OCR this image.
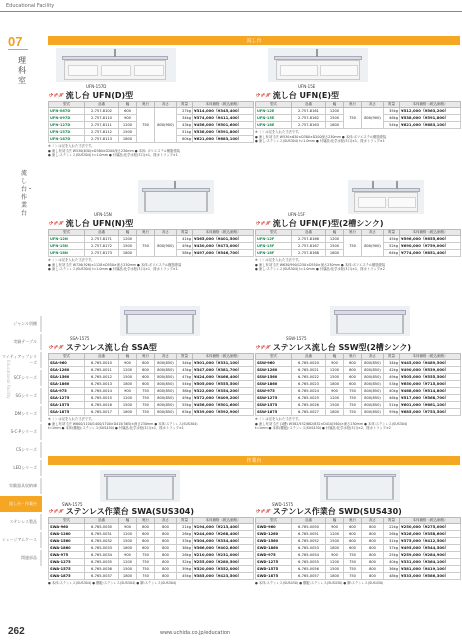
Educational Facility
07
理科室
流し台・作業台
ジャンル別棚
実験テーブル
マイティアップシリーズ
SCFシリーズ
SGシリーズ
DMシリーズ
S-C-Pシリーズ
CSシリーズ
LEDシリーズ
実験器具収納庫
流し台・作業台
ステンレス製品
ミュージアムケース
関連部品
Educational Facility
流し台
作業台
UFN-157D	UFN-15E
UFN-15N	UFN-15F
SSA-1575	SSW-1575
SWA-1575	SWD-1575
ウチダ 流し台 UFN(D)型
型式	品番	幅	奥行	高さ	質量	本体価格（税込価格）
UFN-067D	2-757-8102	600	750	800(900)	27kg	¥314,000（¥345,400）
UFN-097D	2-757-8110	900			34kg	¥374,000（¥411,400）
UFN-127D	2-757-8111	1200			43kg	¥456,000（¥501,600）
UFN-157D	2-757-8112	1500			51kg	¥538,000（¥591,800）
UFN-187D	2-757-8113	1800			60kg	¥621,000（¥683,100）
※（ ）は足を入れた寸法です。
● 流し有効寸法 W530(630)×D380×D200深さ230mm ● 本体: ポリエステル樹脂塗装
● 流し:ステンレス(SUS304) t=1.0mm ● 付属品:化学水栓(3口)×1、排水トラップ×1
ウチダ 流し台 UFN(E)型
型式	品番	幅	奥行	高さ	質量	本体価格（税込価格）
UFN-12E	2-757-8161	1200	750	800(900)	35kg	¥512,000（¥563,200）
UFN-15E	2-757-8162	1500			46kg	¥538,000（¥591,800）
UFN-18E	2-757-8163	1800			54kg	¥621,000（¥683,100）
※（ ）は足を入れた寸法です。
● 流し有効寸法 W530×630×D380×D200深さ230mm ● 本体:ポリエステル樹脂塗装
● 流し:ステンレス(SUS304) t=1.0mm ● 付属品:化学水栓(3口)×1、排水トラップ×1
ウチダ 流し台 UFN(N)型
型式	品番	幅	奥行	高さ	質量	本体価格（税込価格）
UFN-12N	2-757-8171	1200	750	800(900)	41kg	¥365,000（¥401,500）
UFN-15N	2-757-8172	1500			49kg	¥430,000（¥473,000）
UFN-18N	2-757-8173	1800			58kg	¥497,000（¥546,700）
※（ ）は足を入れた寸法です。
● 流し有効寸法 W726(926)×1128×D550×深さ230mm ● 本体:ポリエステル樹脂塗装
● 流し:ステンレス(SUS304) t=1.0mm ● 付属品:化学水栓(3口)×1、排水トラップ×1
ウチダ 流し台 UFN(F)型(2槽シンク)
型式	品番	幅	奥行	高さ	質量	本体価格（税込価格）
UFN-12F	2-757-8166	1200	750	800(900)	45kg	¥596,000（¥655,600）
UFN-15F	2-757-8167	1500			52kg	¥690,000（¥759,000）
UFN-18F	2-757-8168	1800			64kg	¥774,000（¥851,400）
※（ ）は足を入れた寸法です。
● 流し有効寸法 W630/990/1250×D550×深さ230mm ● 本体:ポリエステル樹脂塗装
● 流し:ステンレス(SUS304) t=1.0mm ● 付属品:化学水栓(3口)×1、排水トラップ×2
ウチダ ステンレス流し台 SSA型
型式	品番	幅	奥行	高さ	質量	本体価格（税込価格）
SSA-960	6-765-0010	900	600	800(850)	34kg	¥301,000（¥331,100）
SSA-1260	6-765-0011	1200	600	800(850)	43kg	¥347,000（¥381,700）
SSA-1560	6-765-0012	1500	600	800(850)	47kg	¥424,000（¥466,400）
SSA-1860	6-765-0013	1800	600	800(850)	54kg	¥505,000（¥555,500）
SSA-975	6-765-0014	900	750	800(850)	38kg	¥322,000（¥354,200）
SSA-1275	6-765-0015	1200	750	800(850)	49kg	¥372,000（¥409,200）
SSA-1575	6-765-0016	1500	750	800(850)	55kg	¥456,000（¥501,600）
SSA-1875	6-765-0017	1800	750	800(850)	63kg	¥539,000（¥592,900）
※（ ）は足を入れた寸法です。
● 流し有効寸法 W600/1100/1400/1700×D415(565)×深さ230mm ● 本体:ステンレス(SUS304)
t=1mm ● 本体(棚板):ステンレス(SUS430) ● 付属品:化学水栓(3口)×1、排水トラップ×1
ウチダ ステンレス流し台 SSW型(2槽シンク)
型式	品番	幅	奥行	高さ	質量	本体価格（税込価格）
SSW-960	6-765-0020	900	600	800(850)	34kg	¥445,000（¥489,500）
SSW-1260	6-765-0021	1200	600	800(850)	42kg	¥490,000（¥539,000）
SSW-1560	6-765-0022	1500	600	800(850)	49kg	¥505,000（¥555,500）
SSW-1860	6-765-0023	1800	600	800(850)	53kg	¥650,000（¥715,000）
SSW-975	6-765-0024	900	750	800(850)	40kg	¥468,000（¥514,800）
SSW-1275	6-765-0025	1200	750	800(850)	46kg	¥517,000（¥568,700）
SSW-1575	6-765-0026	1500	750	800(850)	51kg	¥601,000（¥661,100）
SSW-1875	6-765-0027	1800	750	800(850)	59kg	¥685,000（¥753,500）
※（ ）は足を入れた寸法です。
● 流し有効寸法 (1槽) W382/532/682/832×D410(560)×深さ230mm ● 本体:ステンレス(SUS304)
t=1mm ● 本体(棚板):ステンレス(SUS430) ● 付属品:化学水栓(3口)×2、排水トラップ×2
ウチダ ステンレス作業台 SWA(SUS304)
型式	品番	幅	奥行	高さ	質量	本体価格（税込価格）
SWA-960	6-765-0030	900	600	800	21kg	¥194,000（¥213,400）
SWA-1260	6-765-0031	1200	600	800	26kg	¥244,000（¥268,400）
SWA-1560	6-765-0032	1500	600	800	33kg	¥304,000（¥334,400）
SWA-1860	6-765-0033	1800	600	800	38kg	¥366,000（¥402,600）
SWA-975	6-765-0034	900	750	800	26kg	¥210,000（¥231,000）
SWA-1275	6-765-0035	1200	750	800	32kg	¥255,000（¥280,500）
SWA-1575	6-765-0036	1500	750	800	39kg	¥320,000（¥352,000）
SWA-1875	6-765-0037	1800	750	800	45kg	¥385,000（¥423,500）
● 本体:ステンレス(SUS304) ● 棚板:ステンレス(SUS304) ● 脚:ステンレス(SUS304)
ウチダ ステンレス作業台 SWD(SUS430)
型式	品番	幅	奥行	高さ	質量	本体価格（税込価格）
SWD-960	6-765-0050	900	600	800	22kg	¥250,000（¥275,000）
SWD-1260	6-765-0051	1200	600	800	26kg	¥326,000（¥358,600）
SWD-1560	6-765-0052	1500	600	800	31kg	¥375,000（¥412,500）
SWD-1860	6-765-0053	1800	600	800	37kg	¥495,000（¥544,500）
SWD-975	6-765-0054	900	750	800	25kg	¥259,000（¥284,900）
SWD-1275	6-765-0055	1200	750	800	40kg	¥331,000（¥364,100）
SWD-1575	6-765-0056	1500	750	800	36kg	¥381,000（¥419,100）
SWD-1875	6-765-0057	1800	750	800	48kg	¥533,000（¥586,300）
● 本体:ステンレス(SUS430) ● 棚板:ステンレス(SUS430) ● 脚:ステンレス(SUS430)
262	www.uchida.co.jp/education
